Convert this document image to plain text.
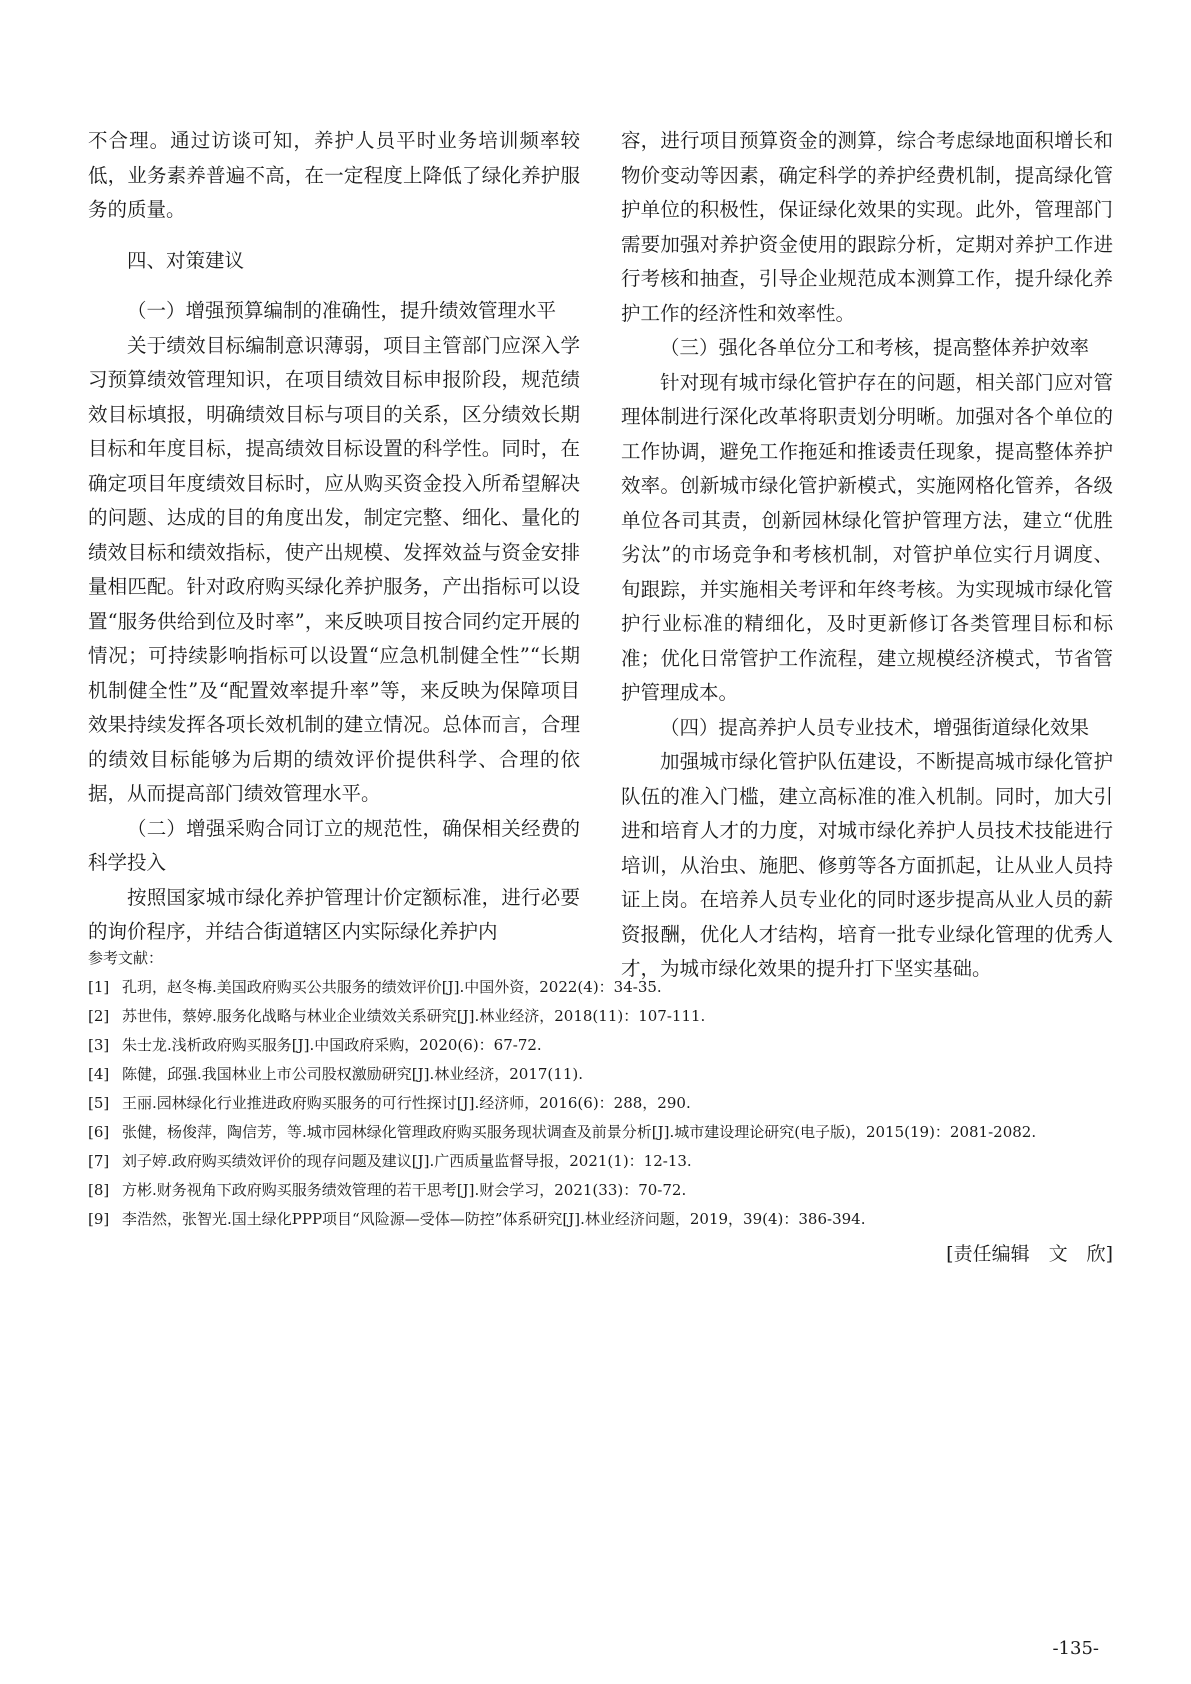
不合理。通过访谈可知，养护人员平时业务培训频率较低，业务素养普遍不高，在一定程度上降低了绿化养护服务的质量。

四、对策建议

（一）增强预算编制的准确性，提升绩效管理水平

关于绩效目标编制意识薄弱，项目主管部门应深入学习预算绩效管理知识，在项目绩效目标申报阶段，规范绩效目标填报，明确绩效目标与项目的关系，区分绩效长期目标和年度目标，提高绩效目标设置的科学性。同时，在确定项目年度绩效目标时，应从购买资金投入所希望解决的问题、达成的目的角度出发，制定完整、细化、量化的绩效目标和绩效指标，使产出规模、发挥效益与资金安排量相匹配。针对政府购买绿化养护服务，产出指标可以设置“服务供给到位及时率”，来反映项目按合同约定开展的情况；可持续影响指标可以设置“应急机制健全性”“长期机制健全性”及“配置效率提升率”等，来反映为保障项目效果持续发挥各项长效机制的建立情况。总体而言，合理的绩效目标能够为后期的绩效评价提供科学、合理的依据，从而提高部门绩效管理水平。

（二）增强采购合同订立的规范性，确保相关经费的科学投入

按照国家城市绿化养护管理计价定额标准，进行必要的询价程序，并结合街道辖区内实际绿化养护内

容，进行项目预算资金的测算，综合考虑绿地面积增长和物价变动等因素，确定科学的养护经费机制，提高绿化管护单位的积极性，保证绿化效果的实现。此外，管理部门需要加强对养护资金使用的跟踪分析，定期对养护工作进行考核和抽查，引导企业规范成本测算工作，提升绿化养护工作的经济性和效率性。

（三）强化各单位分工和考核，提高整体养护效率

针对现有城市绿化管护存在的问题，相关部门应对管理体制进行深化改革将职责划分明晰。加强对各个单位的工作协调，避免工作拖延和推诿责任现象，提高整体养护效率。创新城市绿化管护新模式，实施网格化管养，各级单位各司其责，创新园林绿化管护管理方法，建立“优胜劣汰”的市场竞争和考核机制，对管护单位实行月调度、旬跟踪，并实施相关考评和年终考核。为实现城市绿化管护行业标准的精细化，及时更新修订各类管理目标和标准；优化日常管护工作流程，建立规模经济模式，节省管护管理成本。

（四）提高养护人员专业技术，增强街道绿化效果

加强城市绿化管护队伍建设，不断提高城市绿化管护队伍的准入门槛，建立高标准的准入机制。同时，加大引进和培育人才的力度，对城市绿化养护人员技术技能进行培训，从治虫、施肥、修剪等各方面抓起，让从业人员持证上岗。在培养人员专业化的同时逐步提高从业人员的薪资报酬，优化人才结构，培育一批专业绿化管理的优秀人才，为城市绿化效果的提升打下坚实基础。

参考文献：

[1] 孔玥，赵冬梅.美国政府购买公共服务的绩效评价[J].中国外资，2022(4)：34-35.
[2] 苏世伟，蔡婷.服务化战略与林业企业绩效关系研究[J].林业经济，2018(11)：107-111.
[3] 朱士龙.浅析政府购买服务[J].中国政府采购，2020(6)：67-72.
[4] 陈健，邱强.我国林业上市公司股权激励研究[J].林业经济，2017(11).
[5] 王丽.园林绿化行业推进政府购买服务的可行性探讨[J].经济师，2016(6)：288，290.
[6] 张健，杨俊萍，陶信芳，等.城市园林绿化管理政府购买服务现状调查及前景分析[J].城市建设理论研究(电子版)，2015(19)：2081-2082.
[7] 刘子婷.政府购买绩效评价的现存问题及建议[J].广西质量监督导报，2021(1)：12-13.
[8] 方彬.财务视角下政府购买服务绩效管理的若干思考[J].财会学习，2021(33)：70-72.
[9] 李浩然，张智光.国土绿化PPP项目“风险源—受体—防控”体系研究[J].林业经济问题，2019，39(4)：386-394.
[责任编辑　文　欣]
-135-
